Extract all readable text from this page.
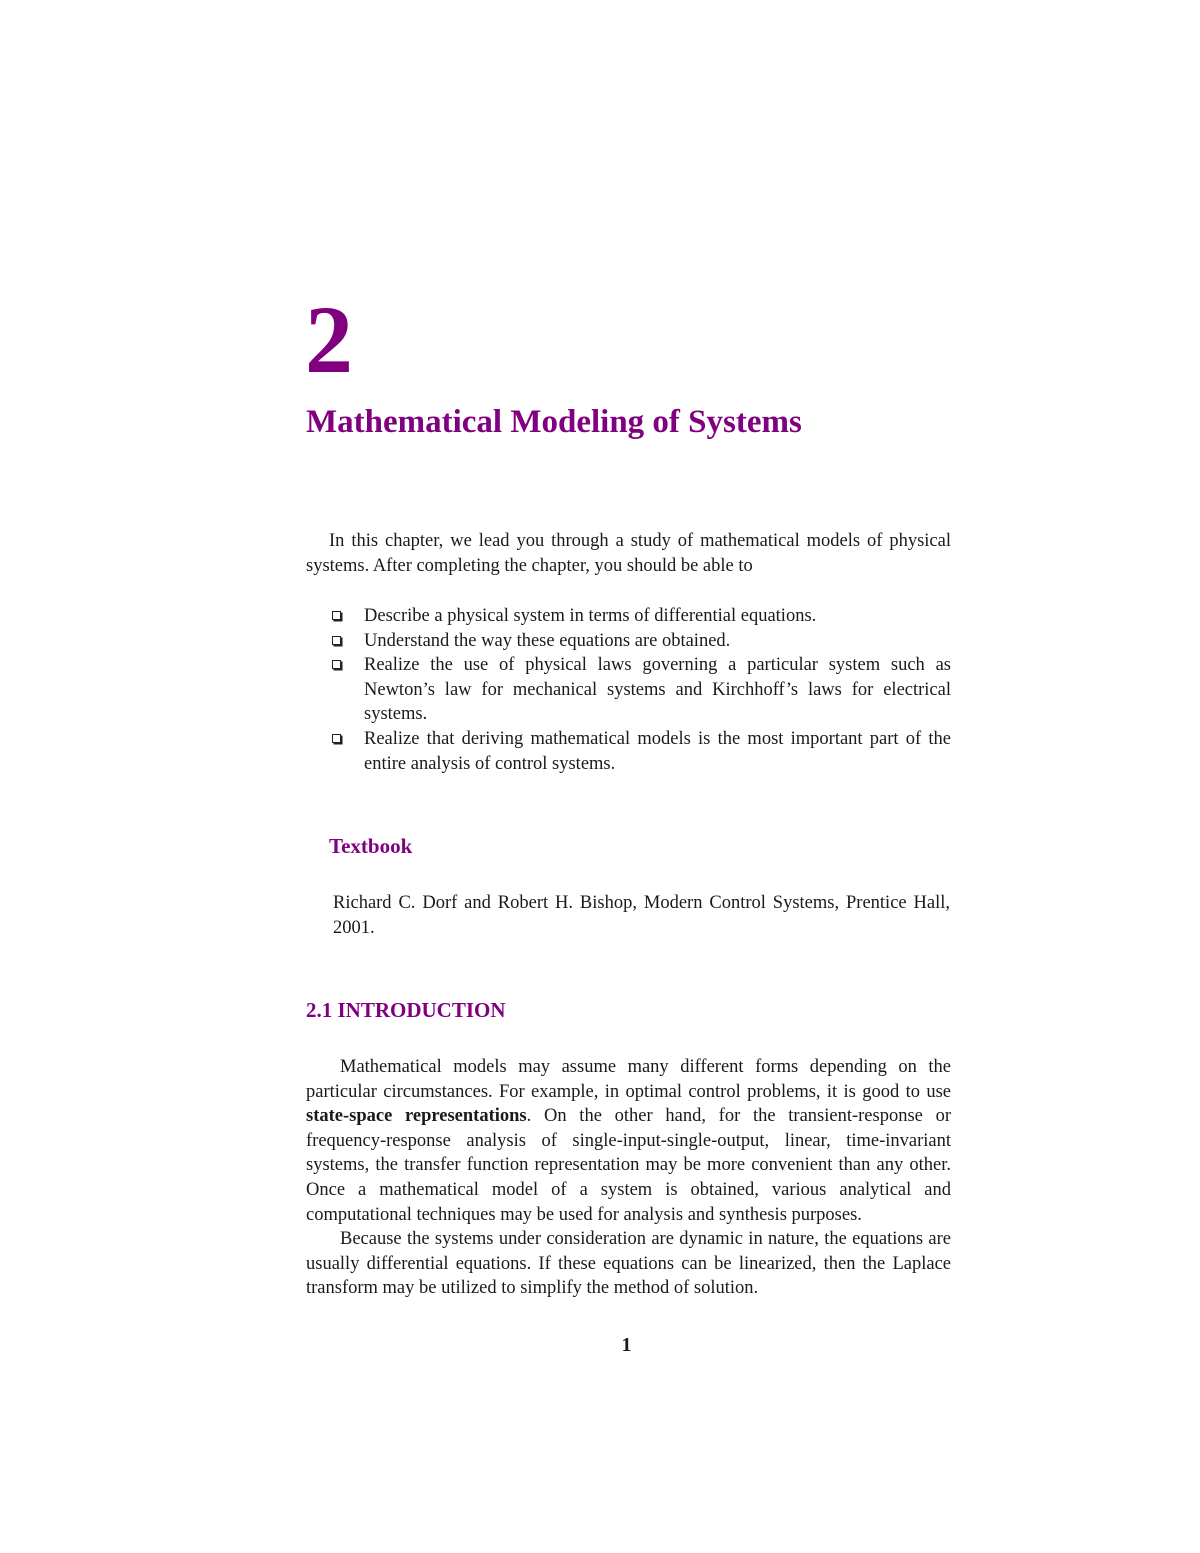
2
Mathematical Modeling of Systems

In this chapter, we lead you through a study of mathematical models of physical systems. After completing the chapter, you should be able to

Describe a physical system in terms of differential equations.
Understand the way these equations are obtained.
Realize the use of physical laws governing a particular system such as Newton’s law for mechanical systems and Kirchhoff’s laws for electrical systems.
Realize that deriving mathematical models is the most important part of the entire analysis of control systems.
Textbook

Richard C. Dorf and Robert H. Bishop, Modern Control Systems, Prentice Hall, 2001.

2.1 INTRODUCTION

Mathematical models may assume many different forms depending on the particular circumstances. For example, in optimal control problems, it is good to use state-space representations. On the other hand, for the transient-response or frequency-response analysis of single-input-single-output, linear, time-invariant systems, the transfer function representation may be more convenient than any other. Once a mathematical model of a system is obtained, various analytical and computational techniques may be used for analysis and synthesis purposes.

Because the systems under consideration are dynamic in nature, the equations are usually differential equations. If these equations can be linearized, then the Laplace transform may be utilized to simplify the method of solution.

1
